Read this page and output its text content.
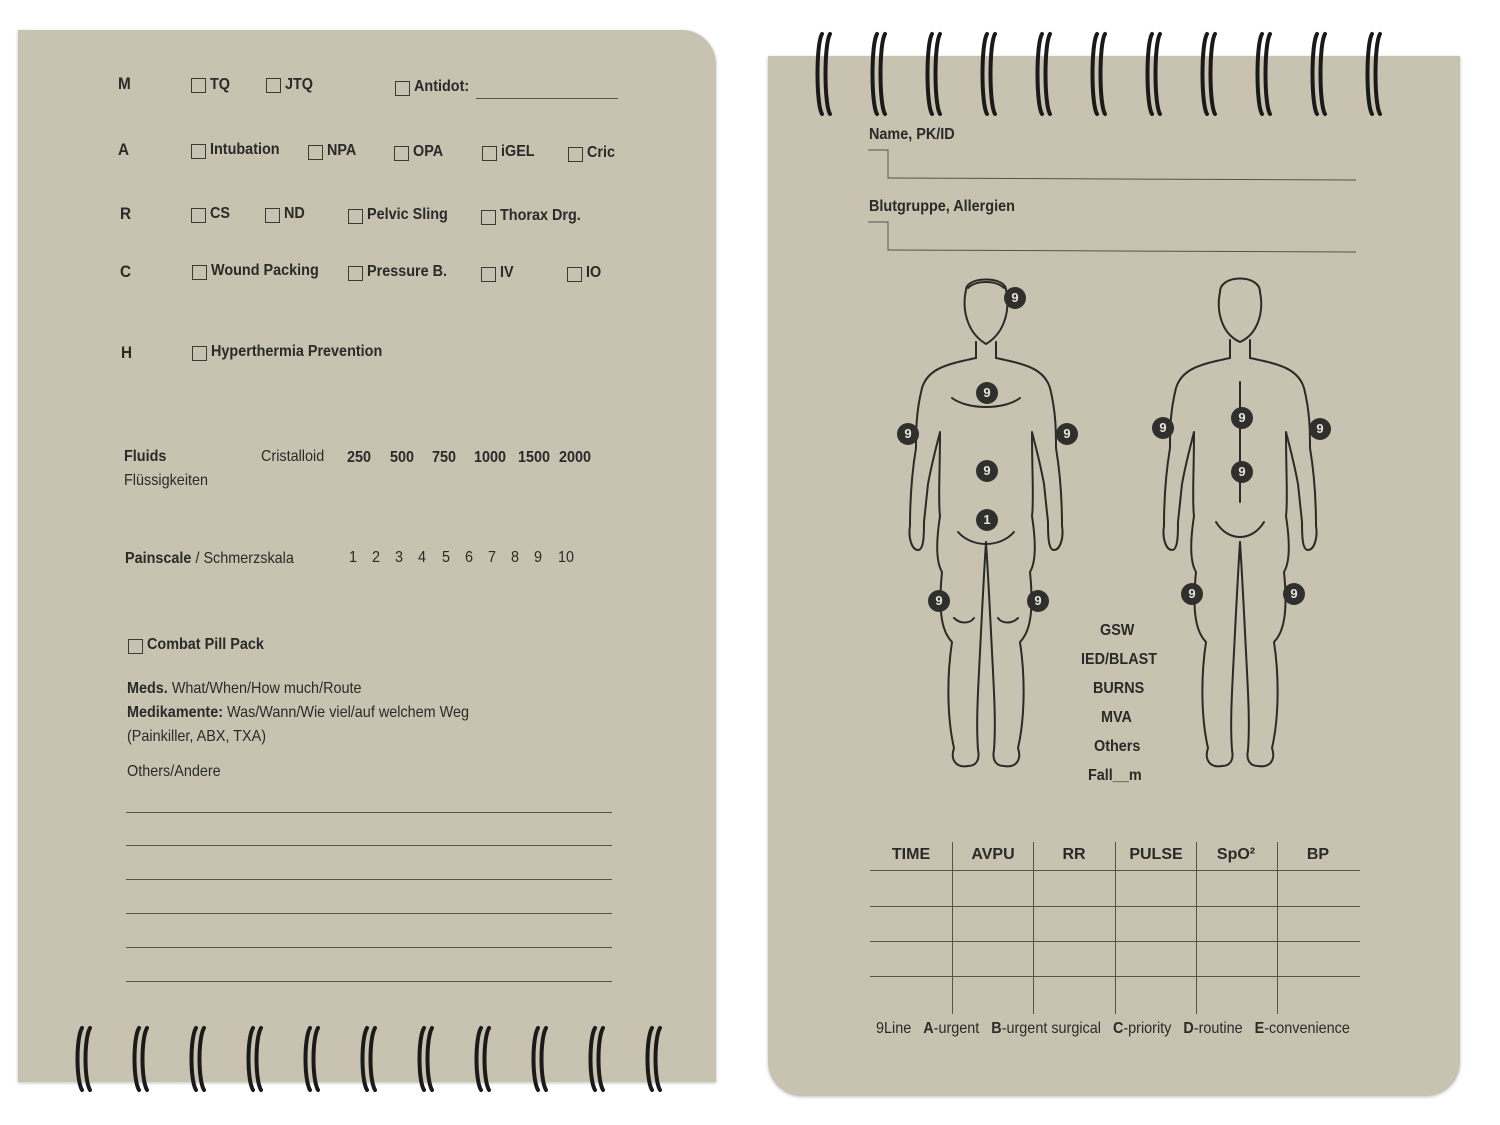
M	TQ	JTQ	Antidot:
A	Intubation	NPA	OPA	iGEL	Cric
R	CS	ND	Pelvic Sling	Thorax Drg.
C	Wound Packing	Pressure B.	IV	IO
H	Hyperthermia Prevention
Fluids
Flüssigkeiten
Cristalloid 250 500 750 1000 1500 2000
Painscale / Schmerzskala	1 2 3 4 5 6 7 8 9 10
Combat Pill Pack
Meds. What/When/How much/Route
Medikamente: Was/Wann/Wie viel/auf welchem Weg
(Painkiller, ABX, TXA)
Others/Andere
Name, PK/ID
Blutgruppe, Allergien
9
9
9	9
9
1
9	9
9
9	9
9
9	9
GSW
IED/BLAST
BURNS
MVA
Others
Fall__m
TIME	AVPU	RR	PULSE	SpO²	BP
9Line A-urgent B-urgent surgical C-priority D-routine E-convenience
